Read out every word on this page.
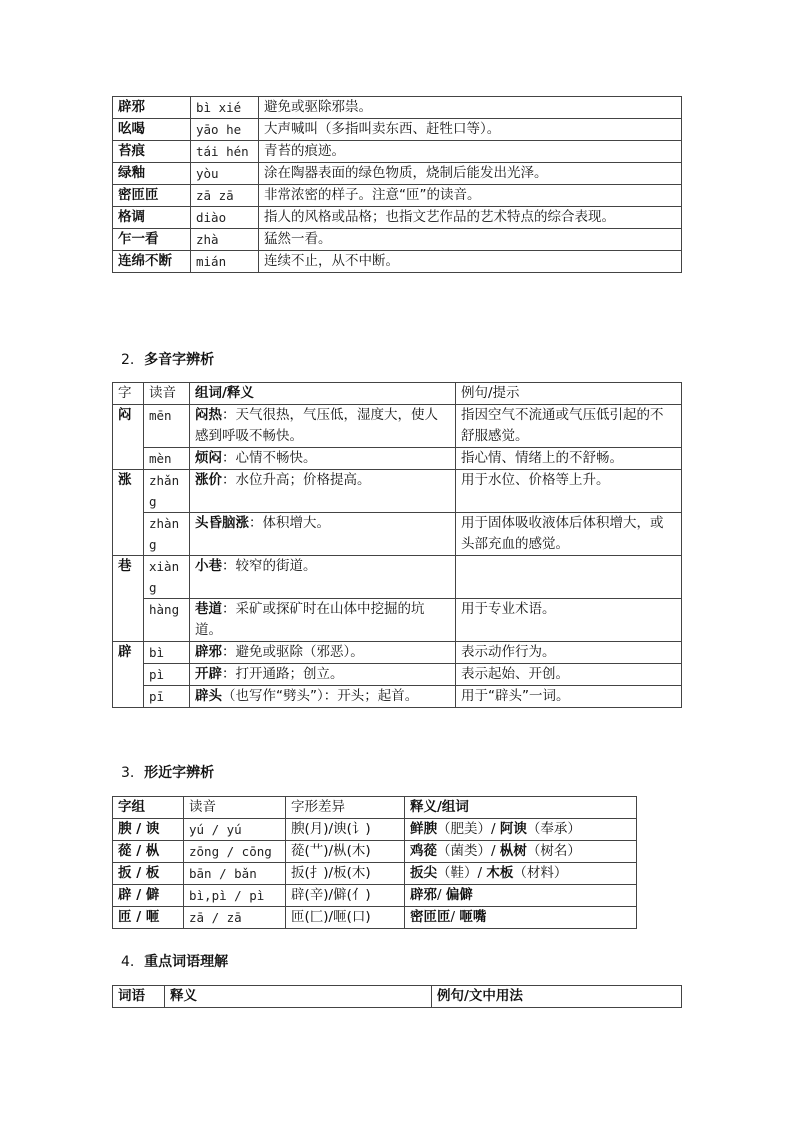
辟邪	bì xié	避免或驱除邪祟。
吆喝	yāo he	大声喊叫（多指叫卖东西、赶牲口等）。
苔痕	tái hén	青苔的痕迹。
绿釉	yòu	涂在陶器表面的绿色物质，烧制后能发出光泽。
密匝匝	zā zā	非常浓密的样子。注意“匝”的读音。
格调	diào	指人的风格或品格；也指文艺作品的艺术特点的综合表现。
乍一看	zhà	猛然一看。
连绵不断	mián	连续不止，从不中断。
2. 多音字辨析
字	读音	组词/释义	例句/提示
闷	mēn	闷热：天气很热，气压低，湿度大，使人感到呼吸不畅快。	指因空气不流通或气压低引起的不舒服感觉。
	mèn	烦闷：心情不畅快。	指心情、情绪上的不舒畅。
涨	zhǎng	涨价：水位升高；价格提高。	用于水位、价格等上升。
	zhàng	头昏脑涨：体积增大。	用于固体吸收液体后体积增大，或头部充血的感觉。
巷	xiàng	小巷：较窄的街道。	
	hàng	巷道：采矿或探矿时在山体中挖掘的坑道。	用于专业术语。
辟	bì	辟邪：避免或驱除（邪恶）。	表示动作行为。
	pì	开辟：打开通路；创立。	表示起始、开创。
	pī	辟头（也写作“劈头”）：开头；起首。	用于“辟头”一词。
3. 形近字辨析
字组	读音	字形差异	释义/组词
腴 / 谀	yú / yú	腴(月)/谀(讠)	鲜腴（肥美）/ 阿谀（奉承）
蓯 / 枞	zōng / cōng	蓯(艹)/枞(木)	鸡蓯（菌类）/ 枞树（树名）
扳 / 板	bān / bǎn	扳(扌)/板(木)	扳尖（鞋）/ 木板（材料）
辟 / 僻	bì,pì / pì	辟(辛)/僻(亻)	辟邪/ 偏僻
匝 / 咂	zā / zā	匝(匚)/咂(口)	密匝匝/ 咂嘴
4. 重点词语理解
词语	释义	例句/文中用法
